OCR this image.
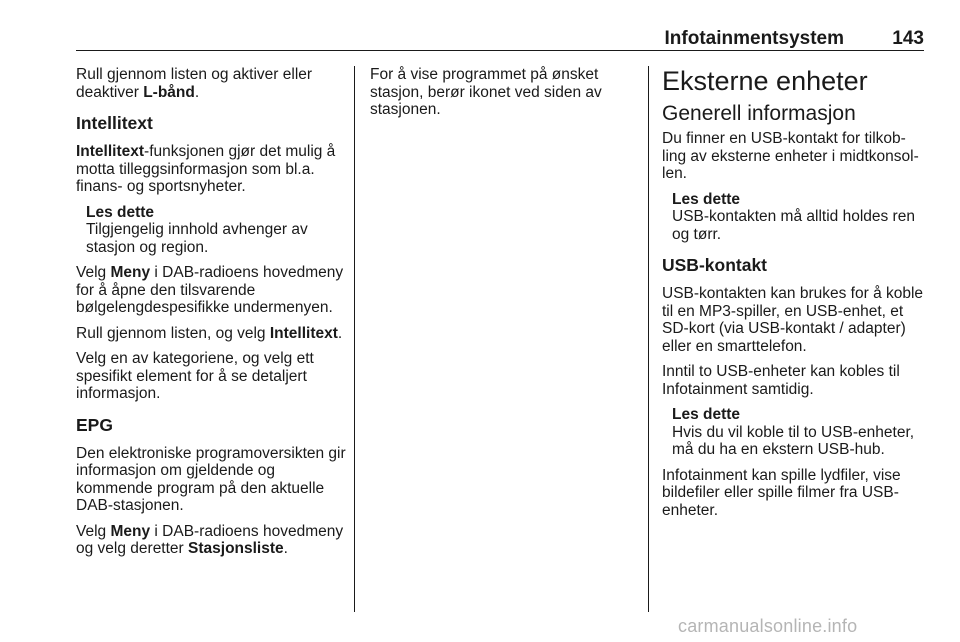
Infotainmentsystem	143

Rull gjennom listen og aktiver eller deaktiver L-bånd.

Intellitext

Intellitext-funksjonen gjør det mulig å motta tilleggsinformasjon som bl.a. finans- og sportsnyheter.

Les dette
Tilgjengelig innhold avhenger av stasjon og region.

Velg Meny i DAB-radioens hovedmeny for å åpne den tilsvarende bølgelengdespesifikke undermenyen.

Rull gjennom listen, og velg Intellitext.

Velg en av kategoriene, og velg ett spesifikt element for å se detaljert informasjon.

EPG

Den elektroniske programoversikten gir informasjon om gjeldende og kommende program på den aktuelle DAB-stasjonen.

Velg Meny i DAB-radioens hovedmeny og velg deretter Stasjonsliste.

For å vise programmet på ønsket stasjon, berør ikonet ved siden av stasjonen.

Eksterne enheter
Generell informasjon

Du finner en USB-kontakt for tilkobling av eksterne enheter i midtkonsollen.

Les dette
USB-kontakten må alltid holdes ren og tørr.
USB-kontakt

USB-kontakten kan brukes for å koble til en MP3-spiller, en USB-enhet, et SD-kort (via USB-kontakt / adapter) eller en smarttelefon.

Inntil to USB-enheter kan kobles til Infotainment samtidig.

Les dette
Hvis du vil koble til to USB-enheter, må du ha en ekstern USB-hub.

Infotainment kan spille lydfiler, vise bildefiler eller spille filmer fra USB-enheter.

carmanualsonline.info
